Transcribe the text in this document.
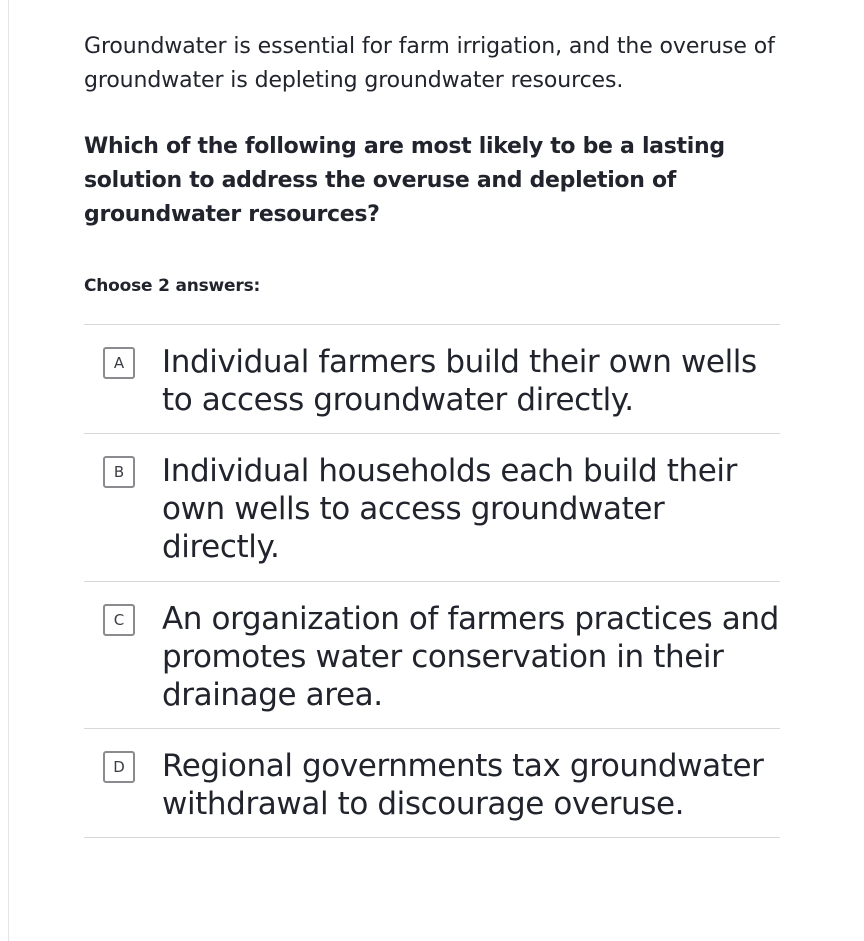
Groundwater is essential for farm irrigation, and the overuse of groundwater is depleting groundwater resources.

Which of the following are most likely to be a lasting solution to address the overuse and depletion of groundwater resources?

Choose 2 answers:
A	Individual farmers build their own wells to access groundwater directly.
B	Individual households each build their own wells to access groundwater directly.
C	An organization of farmers practices and promotes water conservation in their drainage area.
D	Regional governments tax groundwater withdrawal to discourage overuse.
